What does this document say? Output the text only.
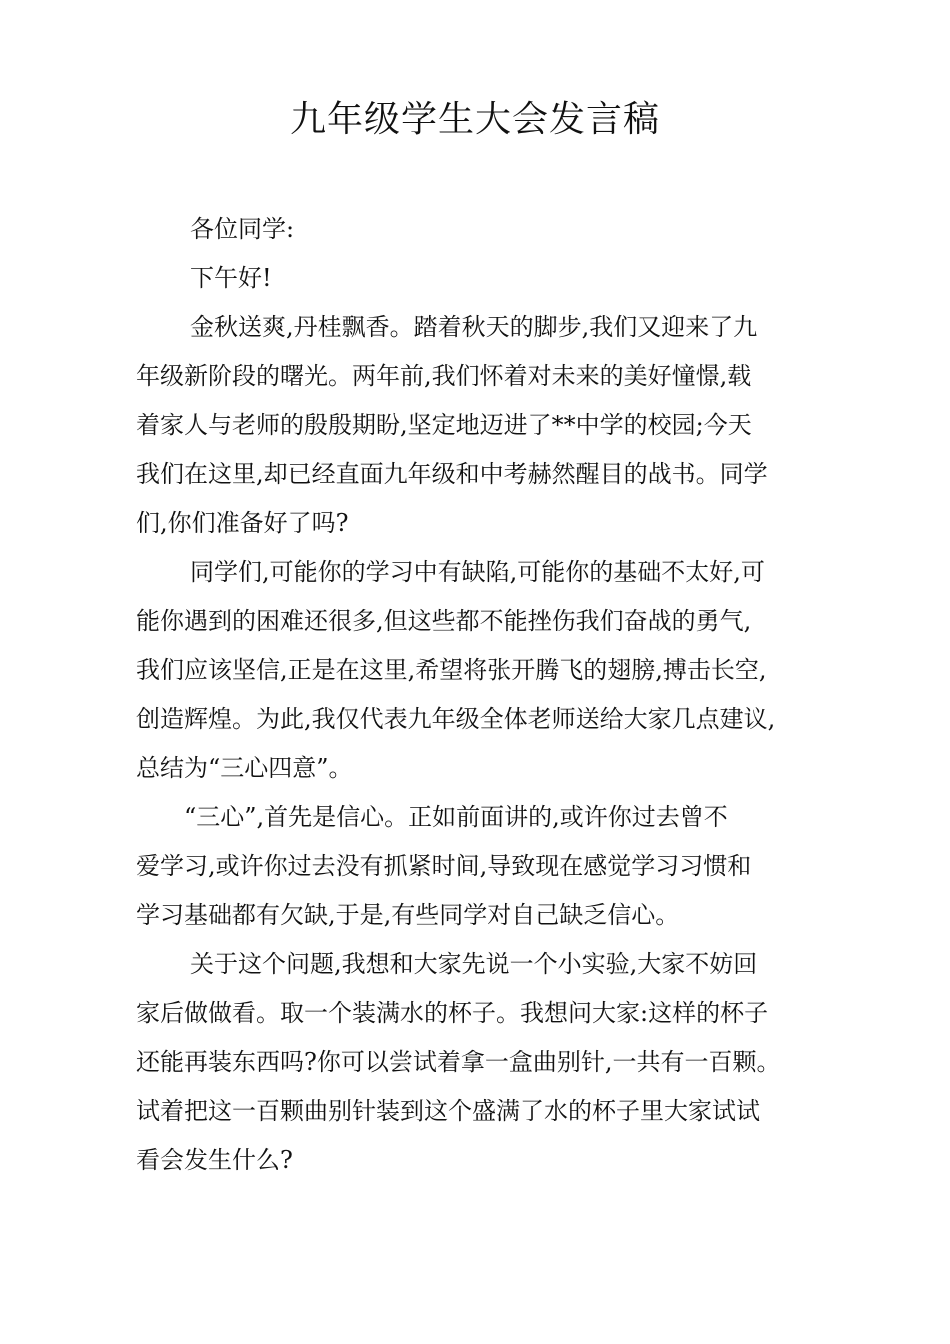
九年级学生大会发言稿
各位同学:
下午好!
金秋送爽,丹桂飘香。踏着秋天的脚步,我们又迎来了九
年级新阶段的曙光。两年前,我们怀着对未来的美好憧憬,载
着家人与老师的殷殷期盼,坚定地迈进了**中学的校园;今天
我们在这里,却已经直面九年级和中考赫然醒目的战书。同学
们,你们准备好了吗?
同学们,可能你的学习中有缺陷,可能你的基础不太好,可
能你遇到的困难还很多,但这些都不能挫伤我们奋战的勇气,
我们应该坚信,正是在这里,希望将张开腾飞的翅膀,搏击长空,
创造辉煌。为此,我仅代表九年级全体老师送给大家几点建议,
总结为“三心四意”。
“三心”,首先是信心。正如前面讲的,或许你过去曾不
爱学习,或许你过去没有抓紧时间,导致现在感觉学习习惯和
学习基础都有欠缺,于是,有些同学对自己缺乏信心。
关于这个问题,我想和大家先说一个小实验,大家不妨回
家后做做看。取一个装满水的杯子。我想问大家:这样的杯子
还能再装东西吗?你可以尝试着拿一盒曲别针,一共有一百颗。
试着把这一百颗曲别针装到这个盛满了水的杯子里大家试试
看会发生什么?
